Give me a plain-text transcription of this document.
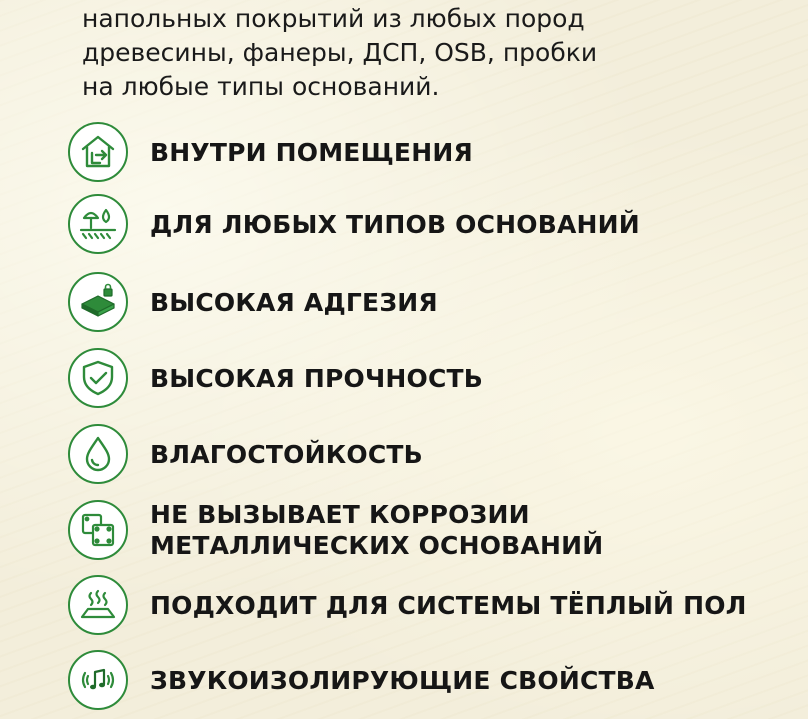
напольных покрытий из любых пород
древесины, фанеры, ДСП, OSB, пробки
на любые типы оснований.
ВНУТРИ ПОМЕЩЕНИЯ
ДЛЯ ЛЮБЫХ ТИПОВ ОСНОВАНИЙ
ВЫСОКАЯ АДГЕЗИЯ
ВЫСОКАЯ ПРОЧНОСТЬ
ВЛАГОСТОЙКОСТЬ
НЕ ВЫЗЫВАЕТ КОРРОЗИИ
МЕТАЛЛИЧЕСКИХ ОСНОВАНИЙ
ПОДХОДИТ ДЛЯ СИСТЕМЫ ТЁПЛЫЙ ПОЛ
ЗВУКОИЗОЛИРУЮЩИЕ СВОЙСТВА
